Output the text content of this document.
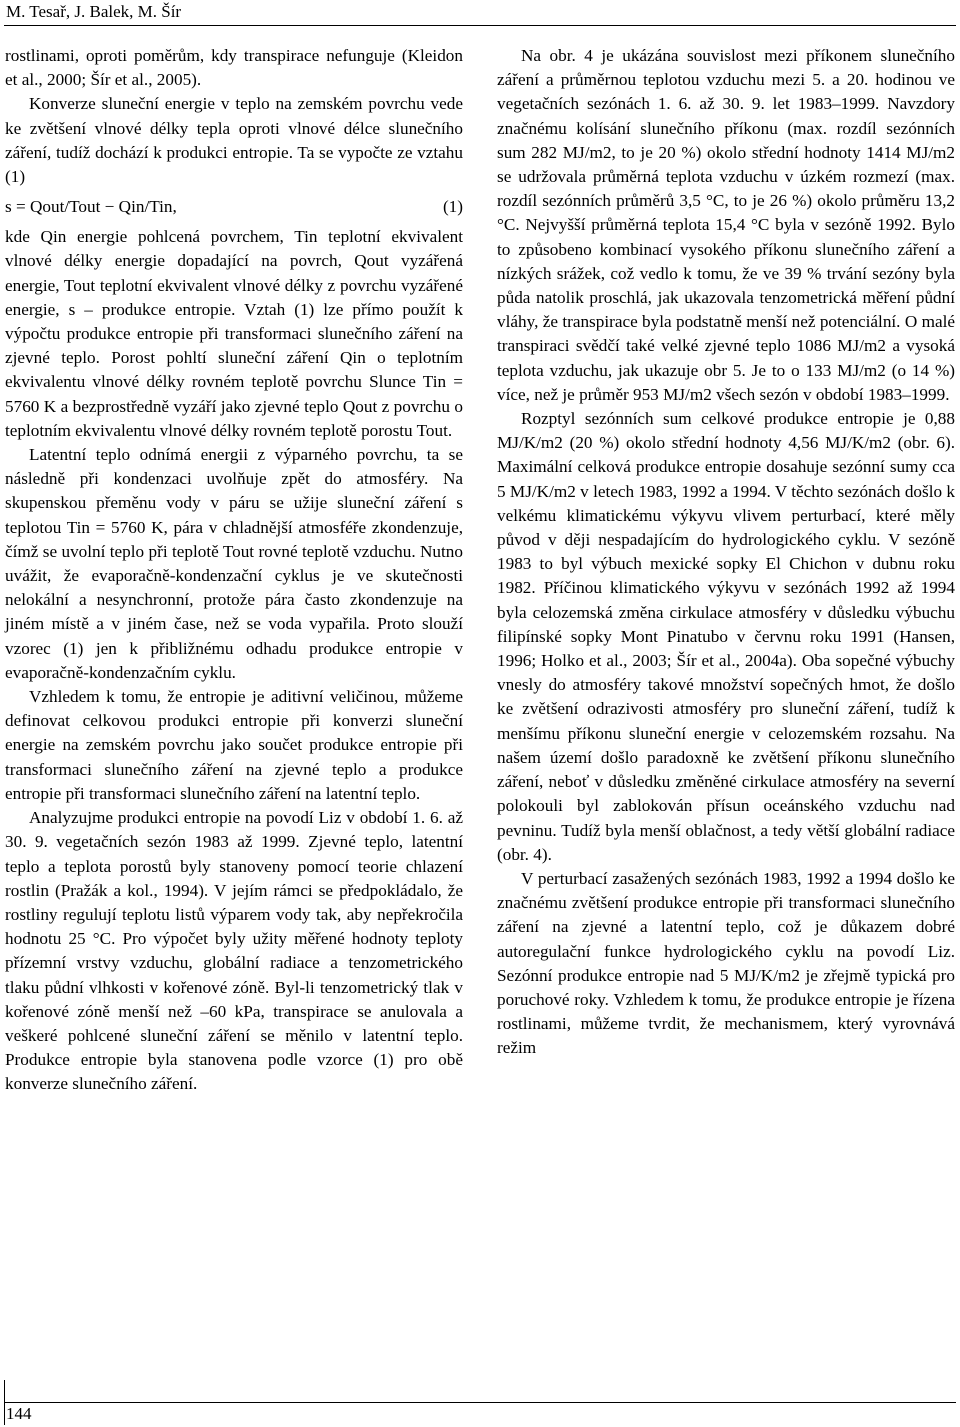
M. Tesař, J. Balek, M. Šír

rostlinami, oproti poměrům, kdy transpirace nefunguje (Kleidon et al., 2000; Šír et al., 2005).

Konverze sluneční energie v teplo na zemském povrchu vede ke zvětšení vlnové délky tepla oproti vlnové délce slunečního záření, tudíž dochází k produkci entropie. Ta se vypočte ze vztahu (1)

s = Qout/Tout − Qin/Tin,	(1)

kde Qin energie pohlcená povrchem, Tin teplotní ekvivalent vlnové délky energie dopadající na povrch, Qout vyzářená energie, Tout teplotní ekvivalent vlnové délky z povrchu vyzářené energie, s – produkce entropie. Vztah (1) lze přímo použít k výpočtu produkce entropie při transformaci slunečního záření na zjevné teplo. Porost pohltí sluneční záření Qin o teplotním ekvivalentu vlnové délky rovném teplotě povrchu Slunce Tin = 5760 K a bezprostředně vyzáří jako zjevné teplo Qout z povrchu o teplotním ekvivalentu vlnové délky rovném teplotě porostu Tout.

Latentní teplo odnímá energii z výparného povrchu, ta se následně při kondenzaci uvolňuje zpět do atmosféry. Na skupenskou přeměnu vody v páru se užije sluneční záření s teplotou Tin = 5760 K, pára v chladnější atmosféře zkondenzuje, čímž se uvolní teplo při teplotě Tout rovné teplotě vzduchu. Nutno uvážit, že evaporačně-kondenzační cyklus je ve skutečnosti nelokální a nesynchronní, protože pára často zkondenzuje na jiném místě a v jiném čase, než se voda vypařila. Proto slouží vzorec (1) jen k přibližnému odhadu produkce entropie v evaporačně-kondenzačním cyklu.

Vzhledem k tomu, že entropie je aditivní veličinou, můžeme definovat celkovou produkci entropie při konverzi sluneční energie na zemském povrchu jako součet produkce entropie při transformaci slunečního záření na zjevné teplo a produkce entropie při transformaci slunečního záření na latentní teplo.

Analyzujme produkci entropie na povodí Liz v období 1. 6. až 30. 9. vegetačních sezón 1983 až 1999. Zjevné teplo, latentní teplo a teplota porostů byly stanoveny pomocí teorie chlazení rostlin (Pražák a kol., 1994). V jejím rámci se předpokládalo, že rostliny regulují teplotu listů výparem vody tak, aby nepřekročila hodnotu 25 °C. Pro výpočet byly užity měřené hodnoty teploty přízemní vrstvy vzduchu, globální radiace a tenzometrického tlaku půdní vlhkosti v kořenové zóně. Byl-li tenzometrický tlak v kořenové zóně menší než –60 kPa, transpirace se anulovala a veškeré pohlcené sluneční záření se měnilo v latentní teplo. Produkce entropie byla stanovena podle vzorce (1) pro obě konverze slunečního záření.

Na obr. 4 je ukázána souvislost mezi příkonem slunečního záření a průměrnou teplotou vzduchu mezi 5. a 20. hodinou ve vegetačních sezónách 1. 6. až 30. 9. let 1983–1999. Navzdory značnému kolísání slunečního příkonu (max. rozdíl sezónních sum 282 MJ/m2, to je 20 %) okolo střední hodnoty 1414 MJ/m2 se udržovala průměrná teplota vzduchu v úzkém rozmezí (max. rozdíl sezónních průměrů 3,5 °C, to je 26 %) okolo průměru 13,2 °C. Nejvyšší průměrná teplota 15,4 °C byla v sezóně 1992. Bylo to způsobeno kombinací vysokého příkonu slunečního záření a nízkých srážek, což vedlo k tomu, že ve 39 % trvání sezóny byla půda natolik proschlá, jak ukazovala tenzometrická měření půdní vláhy, že transpirace byla podstatně menší než potenciální. O malé transpiraci svědčí také velké zjevné teplo 1086 MJ/m2 a vysoká teplota vzduchu, jak ukazuje obr 5. Je to o 133 MJ/m2 (o 14 %) více, než je průměr 953 MJ/m2 všech sezón v období 1983–1999.

Rozptyl sezónních sum celkové produkce entropie je 0,88 MJ/K/m2 (20 %) okolo střední hodnoty 4,56 MJ/K/m2 (obr. 6). Maximální celková produkce entropie dosahuje sezónní sumy cca 5 MJ/K/m2 v letech 1983, 1992 a 1994. V těchto sezónách došlo k velkému klimatickému výkyvu vlivem perturbací, které měly původ v ději nespadajícím do hydrologického cyklu. V sezóně 1983 to byl výbuch mexické sopky El Chichon v dubnu roku 1982. Příčinou klimatického výkyvu v sezónách 1992 až 1994 byla celozemská změna cirkulace atmosféry v důsledku výbuchu filipínské sopky Mont Pinatubo v červnu roku 1991 (Hansen, 1996; Holko et al., 2003; Šír et al., 2004a). Oba sopečné výbuchy vnesly do atmosféry takové množství sopečných hmot, že došlo ke zvětšení odrazivosti atmosféry pro sluneční záření, tudíž k menšímu příkonu sluneční energie v celozemském rozsahu. Na našem území došlo paradoxně ke zvětšení příkonu slunečního záření, neboť v důsledku změněné cirkulace atmosféry na severní polokouli byl zablokován přísun oceánského vzduchu nad pevninu. Tudíž byla menší oblačnost, a tedy větší globální radiace (obr. 4).

V perturbací zasažených sezónách 1983, 1992 a 1994 došlo ke značnému zvětšení produkce entropie při transformaci slunečního záření na zjevné a latentní teplo, což je důkazem dobré autoregulační funkce hydrologického cyklu na povodí Liz. Sezónní produkce entropie nad 5 MJ/K/m2 je zřejmě typická pro poruchové roky. Vzhledem k tomu, že produkce entropie je řízena rostlinami, můžeme tvrdit, že mechanismem, který vyrovnává režim

144
